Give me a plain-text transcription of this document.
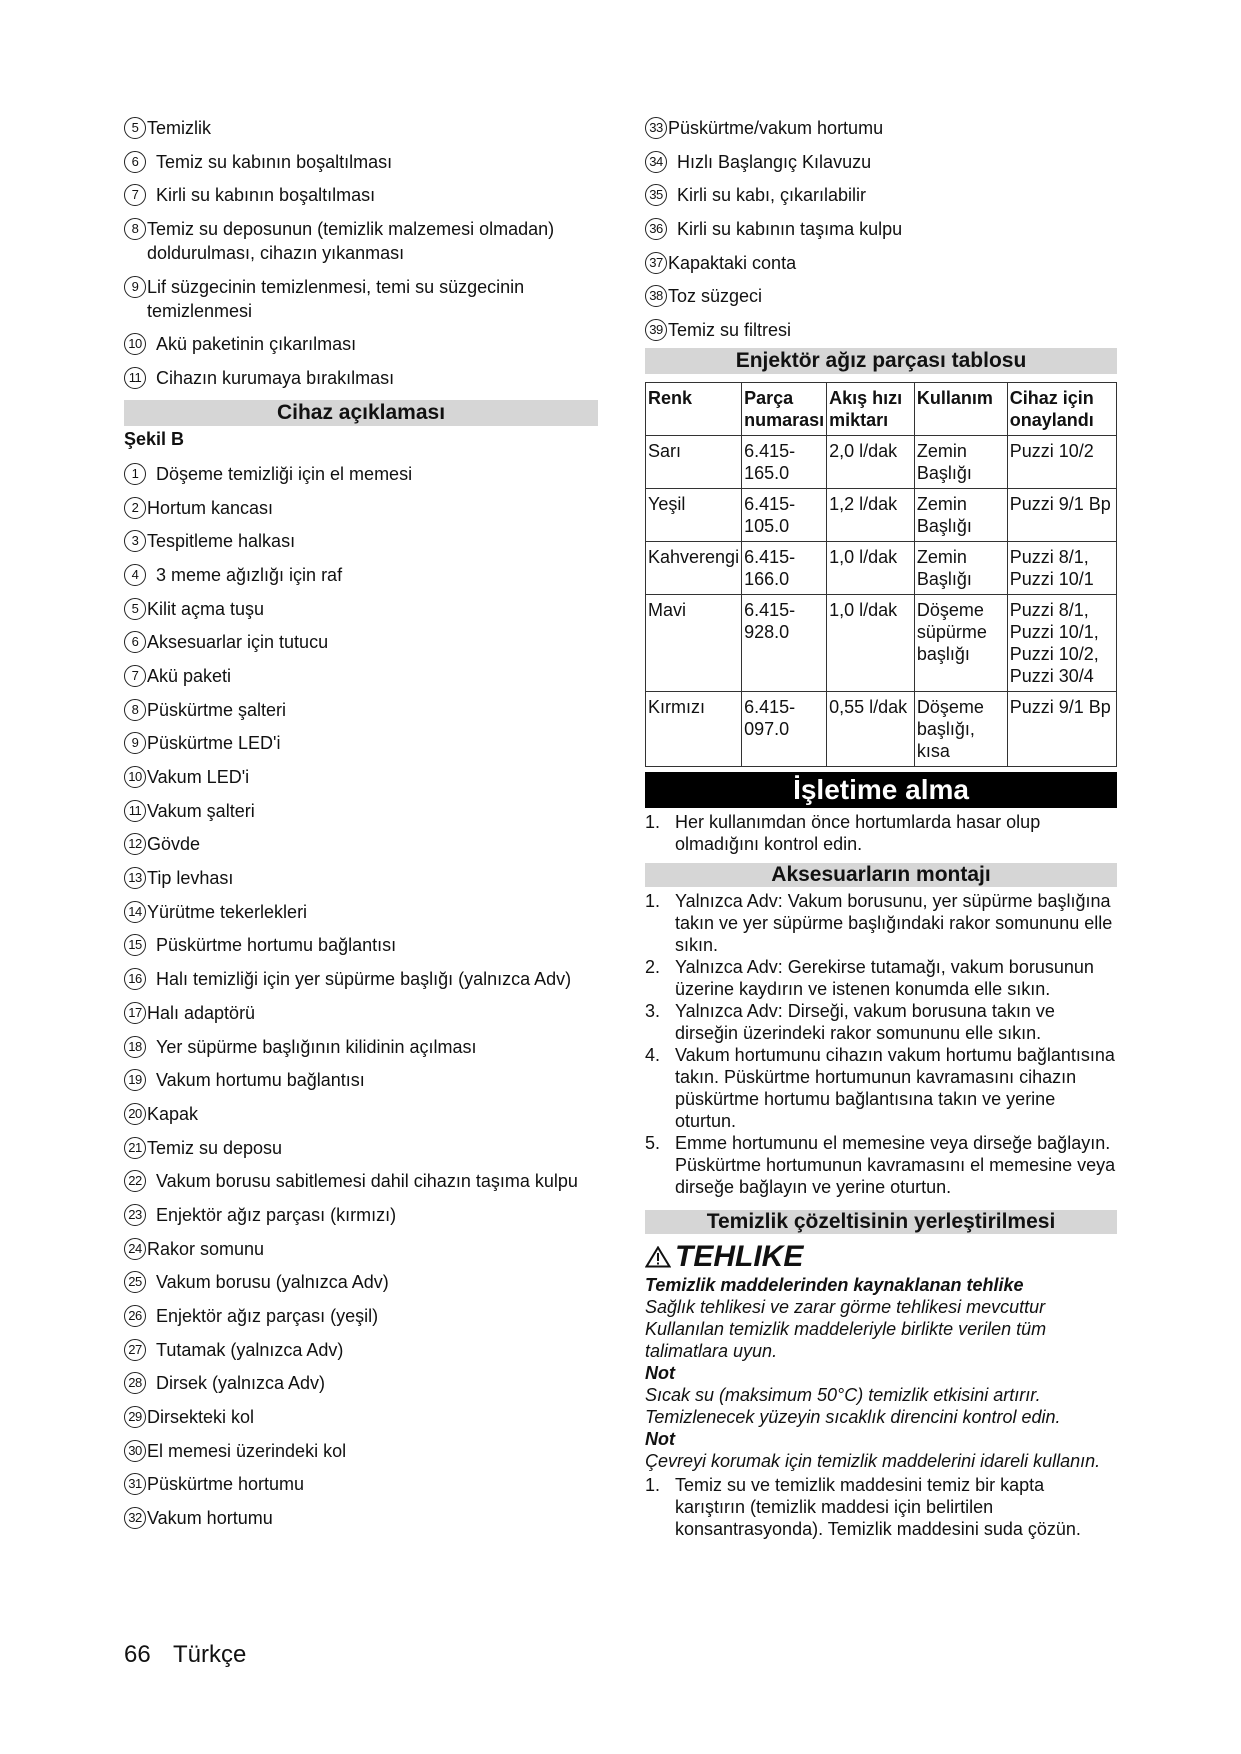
5 Temizlik
6 Temiz su kabının boşaltılması
7 Kirli su kabının boşaltılması
8 Temiz su deposunun (temizlik malzemesi olmadan) doldurulması, cihazın yıkanması
9 Lif süzgecinin temizlenmesi, temi su süzgecinin temizlenmesi
10 Akü paketinin çıkarılması
11 Cihazın kurumaya bırakılması
Cihaz açıklaması
Şekil B
1 Döşeme temizliği için el memesi
2 Hortum kancası
3 Tespitleme halkası
4 3 meme ağızlığı için raf
5 Kilit açma tuşu
6 Aksesuarlar için tutucu
7 Akü paketi
8 Püskürtme şalteri
9 Püskürtme LED'i
10 Vakum LED'i
11 Vakum şalteri
12 Gövde
13 Tip levhası
14 Yürütme tekerlekleri
15 Püskürtme hortumu bağlantısı
16 Halı temizliği için yer süpürme başlığı (yalnızca Adv)
17 Halı adaptörü
18 Yer süpürme başlığının kilidinin açılması
19 Vakum hortumu bağlantısı
20 Kapak
21 Temiz su deposu
22 Vakum borusu sabitlemesi dahil cihazın taşıma kulpu
23 Enjektör ağız parçası (kırmızı)
24 Rakor somunu
25 Vakum borusu (yalnızca Adv)
26 Enjektör ağız parçası (yeşil)
27 Tutamak (yalnızca Adv)
28 Dirsek (yalnızca Adv)
29 Dirsekteki kol
30 El memesi üzerindeki kol
31 Püskürtme hortumu
32 Vakum hortumu
33 Püskürtme/vakum hortumu
34 Hızlı Başlangıç Kılavuzu
35 Kirli su kabı, çıkarılabilir
36 Kirli su kabının taşıma kulpu
37 Kapaktaki conta
38 Toz süzgeci
39 Temiz su filtresi
Enjektör ağız parçası tablosu
Renk	Parça numarası	Akış hızı miktarı	Kullanım	Cihaz için onaylandı
Sarı	6.415-165.0	2,0 l/dak	Zemin Başlığı	Puzzi 10/2
Yeşil	6.415-105.0	1,2 l/dak	Zemin Başlığı	Puzzi 9/1 Bp
Kahverengi	6.415-166.0	1,0 l/dak	Zemin Başlığı	Puzzi 8/1, Puzzi 10/1
Mavi	6.415-928.0	1,0 l/dak	Döşeme süpürme başlığı	Puzzi 8/1, Puzzi 10/1, Puzzi 10/2, Puzzi 30/4
Kırmızı	6.415-097.0	0,55 l/dak	Döşeme başlığı, kısa	Puzzi 9/1 Bp
İşletime alma
1. Her kullanımdan önce hortumlarda hasar olup olmadığını kontrol edin.
Aksesuarların montajı
1. Yalnızca Adv: Vakum borusunu, yer süpürme başlığına takın ve yer süpürme başlığındaki rakor somununu elle sıkın.
2. Yalnızca Adv: Gerekirse tutamağı, vakum borusunun üzerine kaydırın ve istenen konumda elle sıkın.
3. Yalnızca Adv: Dirseği, vakum borusuna takın ve dirseğin üzerindeki rakor somununu elle sıkın.
4. Vakum hortumunu cihazın vakum hortumu bağlantısına takın. Püskürtme hortumunun kavramasını cihazın püskürtme hortumu bağlantısına takın ve yerine oturtun.
5. Emme hortumunu el memesine veya dirseğe bağlayın. Püskürtme hortumunun kavramasını el memesine veya dirseğe bağlayın ve yerine oturtun.
Temizlik çözeltisinin yerleştirilmesi
TEHLIKE
Temizlik maddelerinden kaynaklanan tehlike
Sağlık tehlikesi ve zarar görme tehlikesi mevcuttur
Kullanılan temizlik maddeleriyle birlikte verilen tüm talimatlara uyun.
Not
Sıcak su (maksimum 50°C) temizlik etkisini artırır. Temizlenecek yüzeyin sıcaklık direncini kontrol edin.
Not
Çevreyi korumak için temizlik maddelerini idareli kullanın.
1. Temiz su ve temizlik maddesini temiz bir kapta karıştırın (temizlik maddesi için belirtilen konsantrasyonda). Temizlik maddesini suda çözün.
66 Türkçe
